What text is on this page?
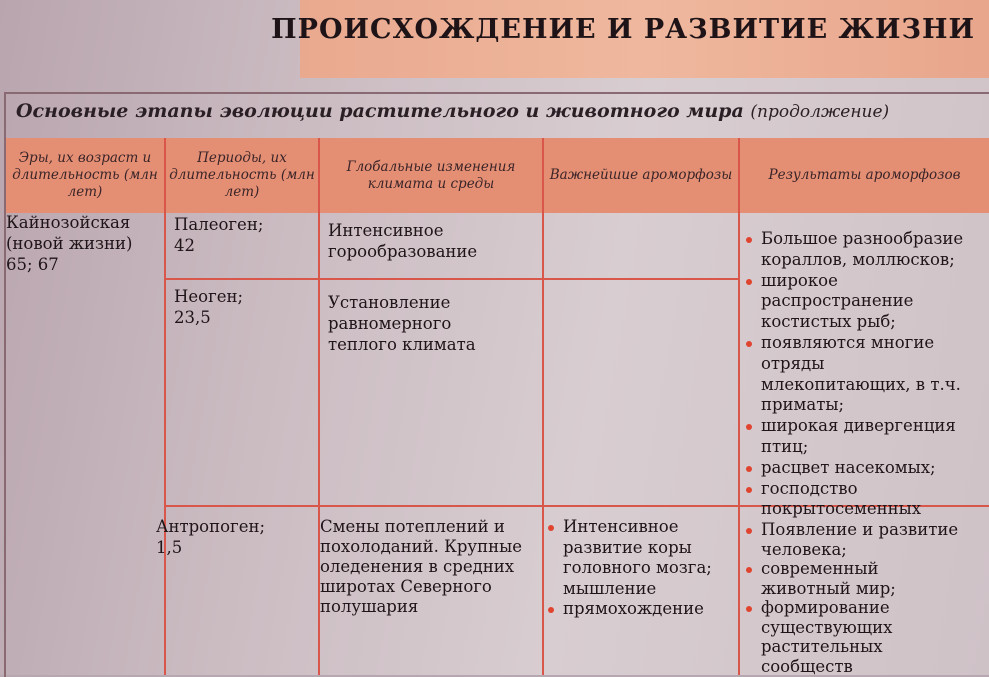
ПРОИСХОЖДЕНИЕ И РАЗВИТИЕ ЖИЗНИ
Основные этапы эволюции растительного и животного мира (продолжение)
Эры, их возраст и длительность (млн лет)
Периоды, их длительность (млн лет)
Глобальные изменения климата и среды
Важнейшие ароморфозы	Результаты ароморфозов
Кайнозойская
(новой жизни)
65; 67
Палеоген;
42
Интенсивное горообразование
Неоген;
23,5
Установление равномерного теплого климата
Антропоген;
1,5
Смены потеплений и похолоданий. Крупные оледенения в средних широтах Северного полушария
Интенсивное развитие коры головного мозга; мышление
прямохождение
Большое разнообразие кораллов, моллюсков;
широкое распространение костистых рыб;
появляются многие отряды млекопитающих, в т.ч. приматы;
широкая дивергенция птиц;
расцвет насекомых;
господство покрытосеменных
Появление и развитие человека;
современный животный мир;
формирование существующих растительных сообществ
